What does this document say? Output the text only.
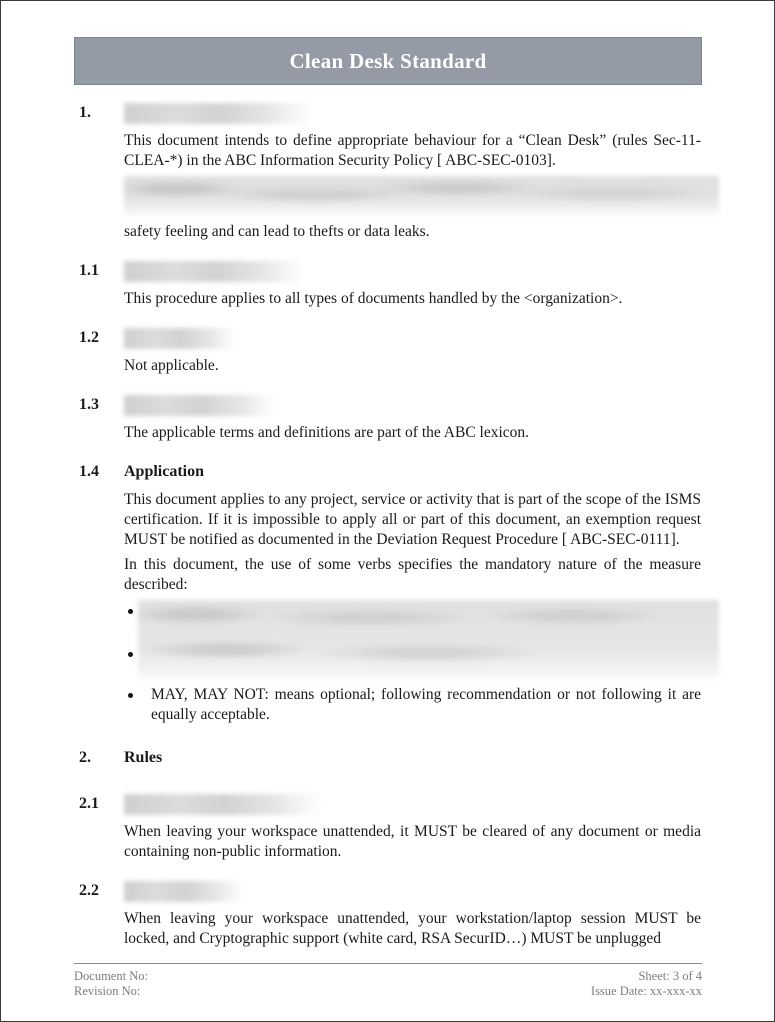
Clean Desk Standard
1.

This document intends to define appropriate behaviour for a “Clean Desk” (rules Sec-11-CLEA-*) in the ABC Information Security Policy [ ABC-SEC-0103].

safety feeling and can lead to thefts or data leaks.

1.1

This procedure applies to all types of documents handled by the <organization>.

1.2

Not applicable.

1.3

The applicable terms and definitions are part of the ABC lexicon.

1.4	Application

This document applies to any project, service or activity that is part of the scope of the ISMS certification. If it is impossible to apply all or part of this document, an exemption request MUST be notified as documented in the Deviation Request Procedure [ ABC-SEC-0111].

In this document, the use of some verbs specifies the mandatory nature of the measure described:

MAY, MAY NOT: means optional; following recommendation or not following it are equally acceptable.

2.	Rules
2.1

When leaving your workspace unattended, it MUST be cleared of any document or media containing non-public information.

2.2

When leaving your workspace unattended, your workstation/laptop session MUST be locked, and Cryptographic support (white card, RSA SecurID…) MUST be unplugged

Document No:
Revision No:
Sheet: 3 of 4
Issue Date: xx-xxx-xx
